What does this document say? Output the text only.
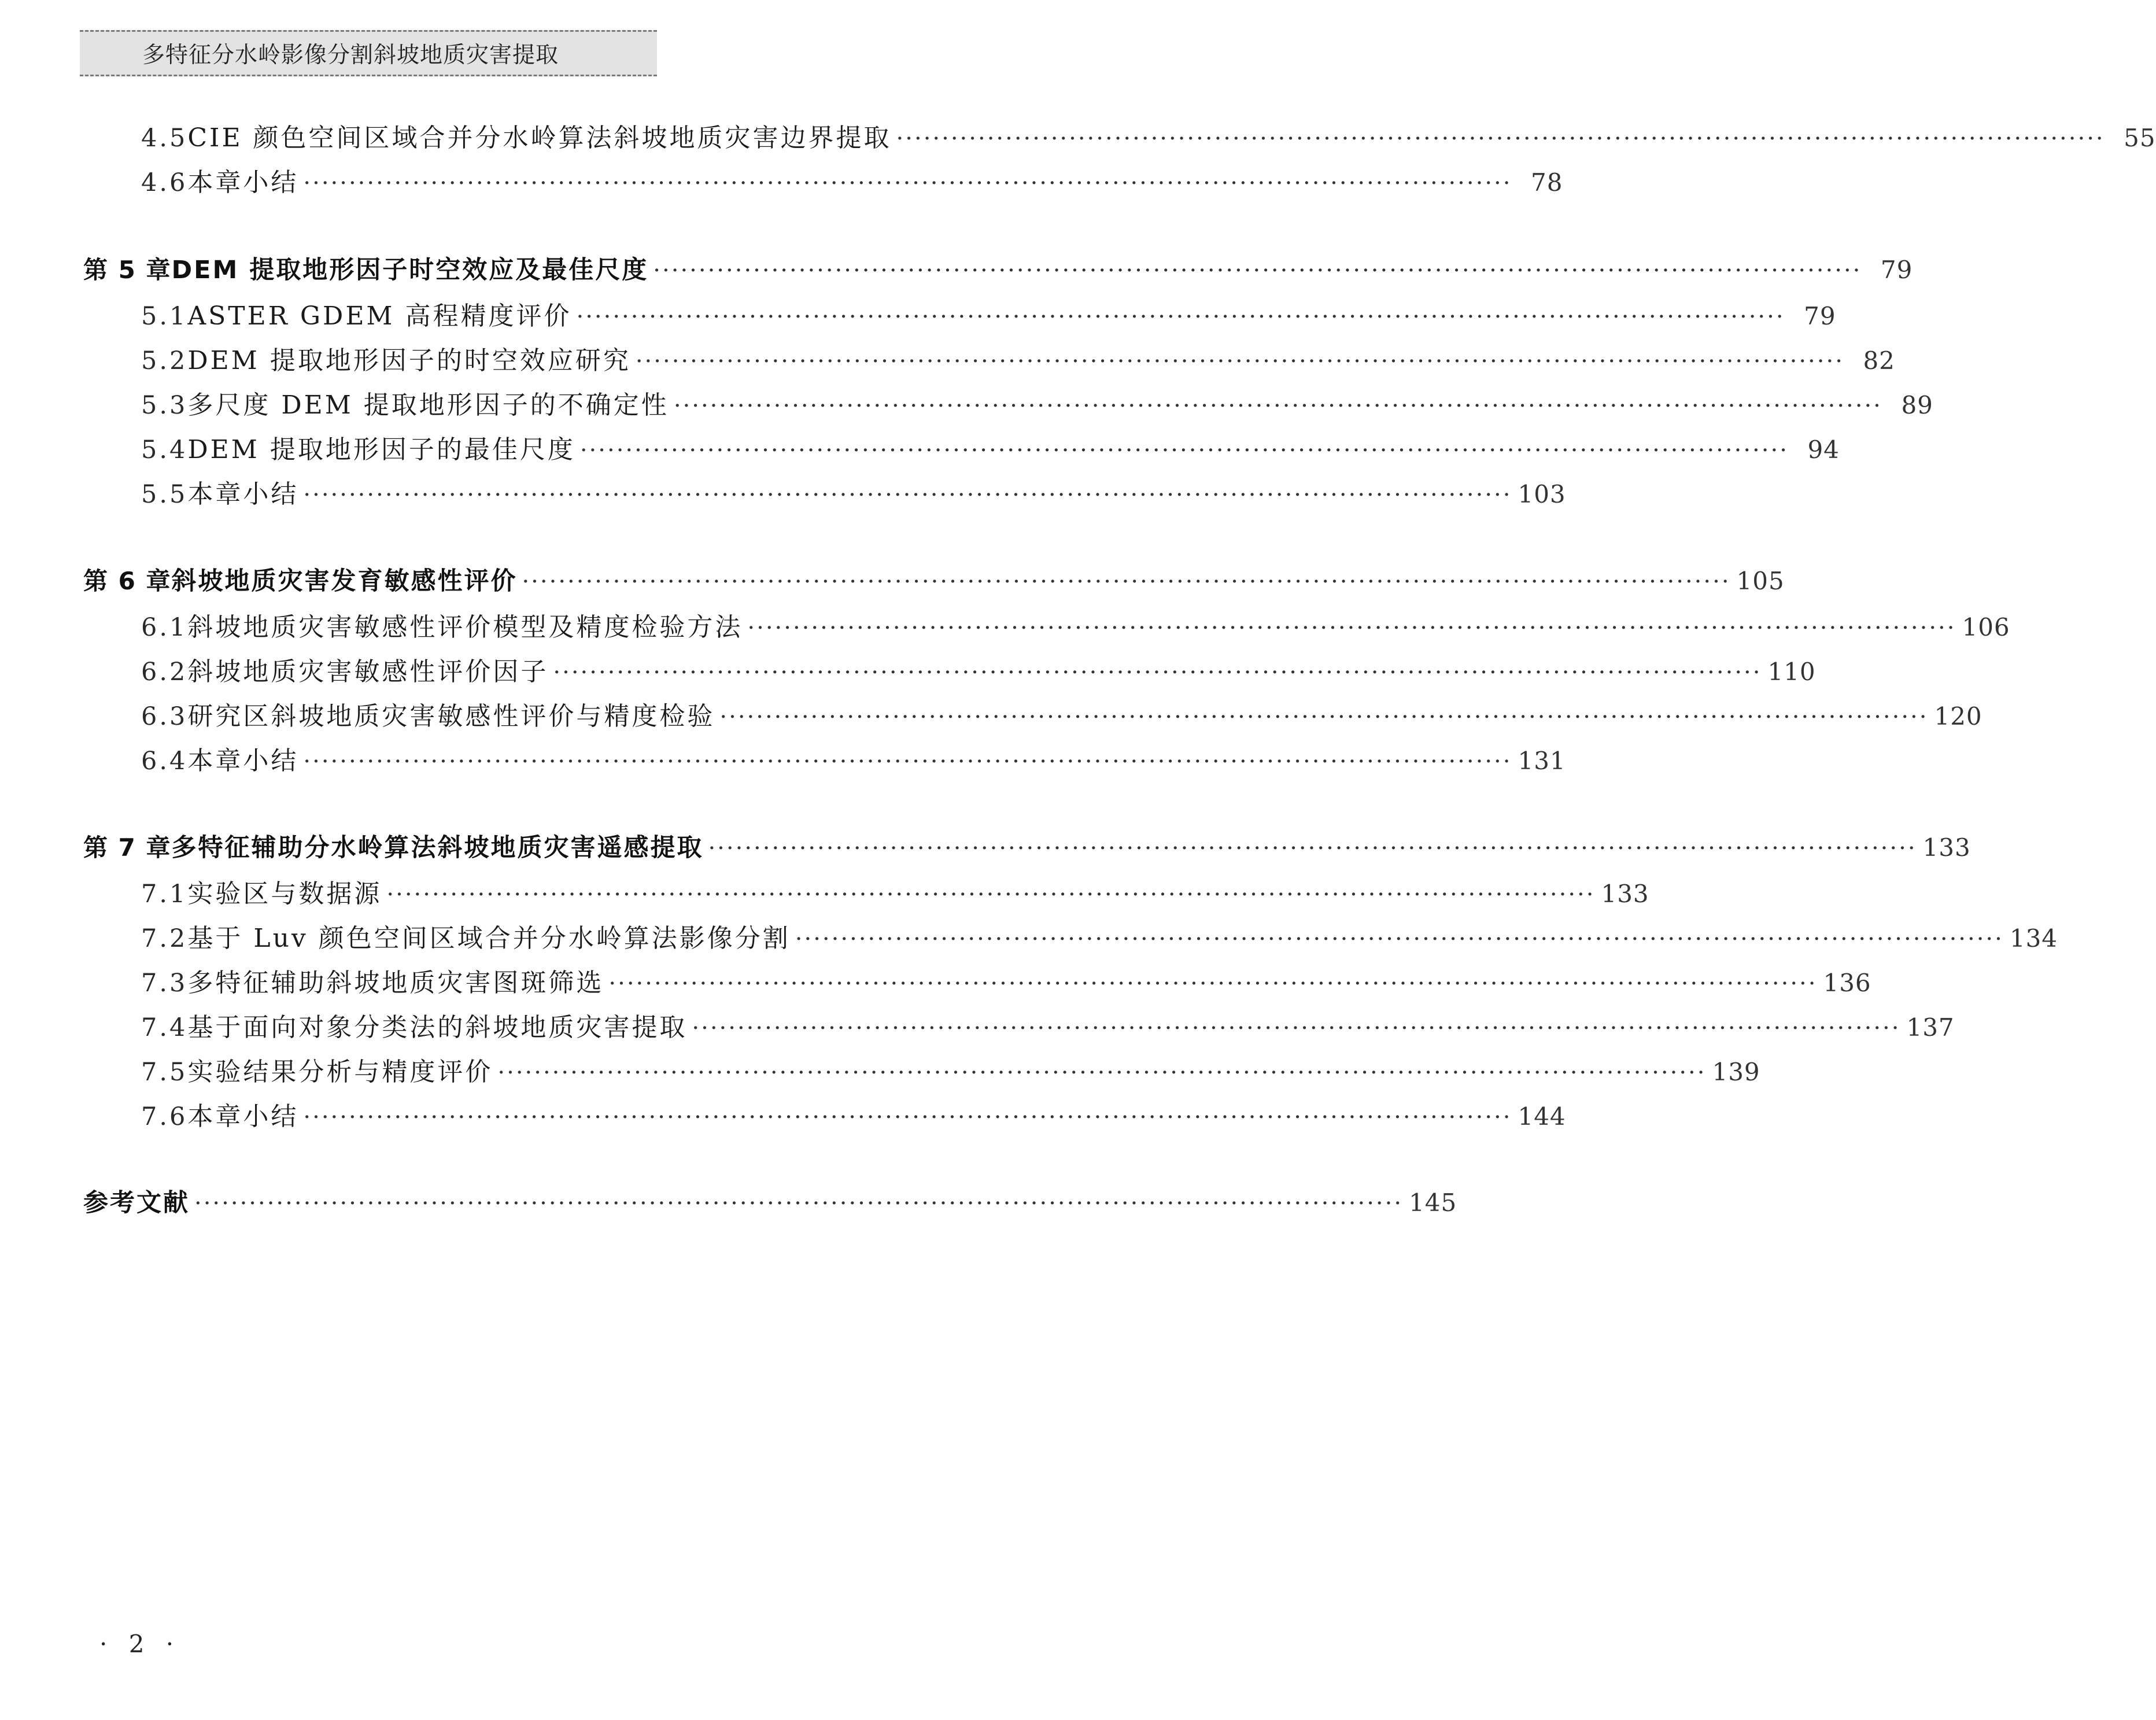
多特征分水岭影像分割斜坡地质灾害提取
4.5 CIE 颜色空间区域合并分水岭算法斜坡地质灾害边界提取 ····································································································································· 55
4.6 本章小结 ····································································································································· 78
第 5 章 DEM 提取地形因子时空效应及最佳尺度 ····································································································································· 79
5.1 ASTER GDEM 高程精度评价 ····································································································································· 79
5.2 DEM 提取地形因子的时空效应研究 ····································································································································· 82
5.3 多尺度 DEM 提取地形因子的不确定性 ····································································································································· 89
5.4 DEM 提取地形因子的最佳尺度 ····································································································································· 94
5.5 本章小结 ····································································································································· 103
第 6 章 斜坡地质灾害发育敏感性评价 ····································································································································· 105
6.1 斜坡地质灾害敏感性评价模型及精度检验方法 ····································································································································· 106
6.2 斜坡地质灾害敏感性评价因子 ····································································································································· 110
6.3 研究区斜坡地质灾害敏感性评价与精度检验 ····································································································································· 120
6.4 本章小结 ····································································································································· 131
第 7 章 多特征辅助分水岭算法斜坡地质灾害遥感提取 ····································································································································· 133
7.1 实验区与数据源 ····································································································································· 133
7.2 基于 Luv 颜色空间区域合并分水岭算法影像分割 ····································································································································· 134
7.3 多特征辅助斜坡地质灾害图斑筛选 ····································································································································· 136
7.4 基于面向对象分类法的斜坡地质灾害提取 ····································································································································· 137
7.5 实验结果分析与精度评价 ····································································································································· 139
7.6 本章小结 ····································································································································· 144
参考文献 ····································································································································· 145
· 2 ·
